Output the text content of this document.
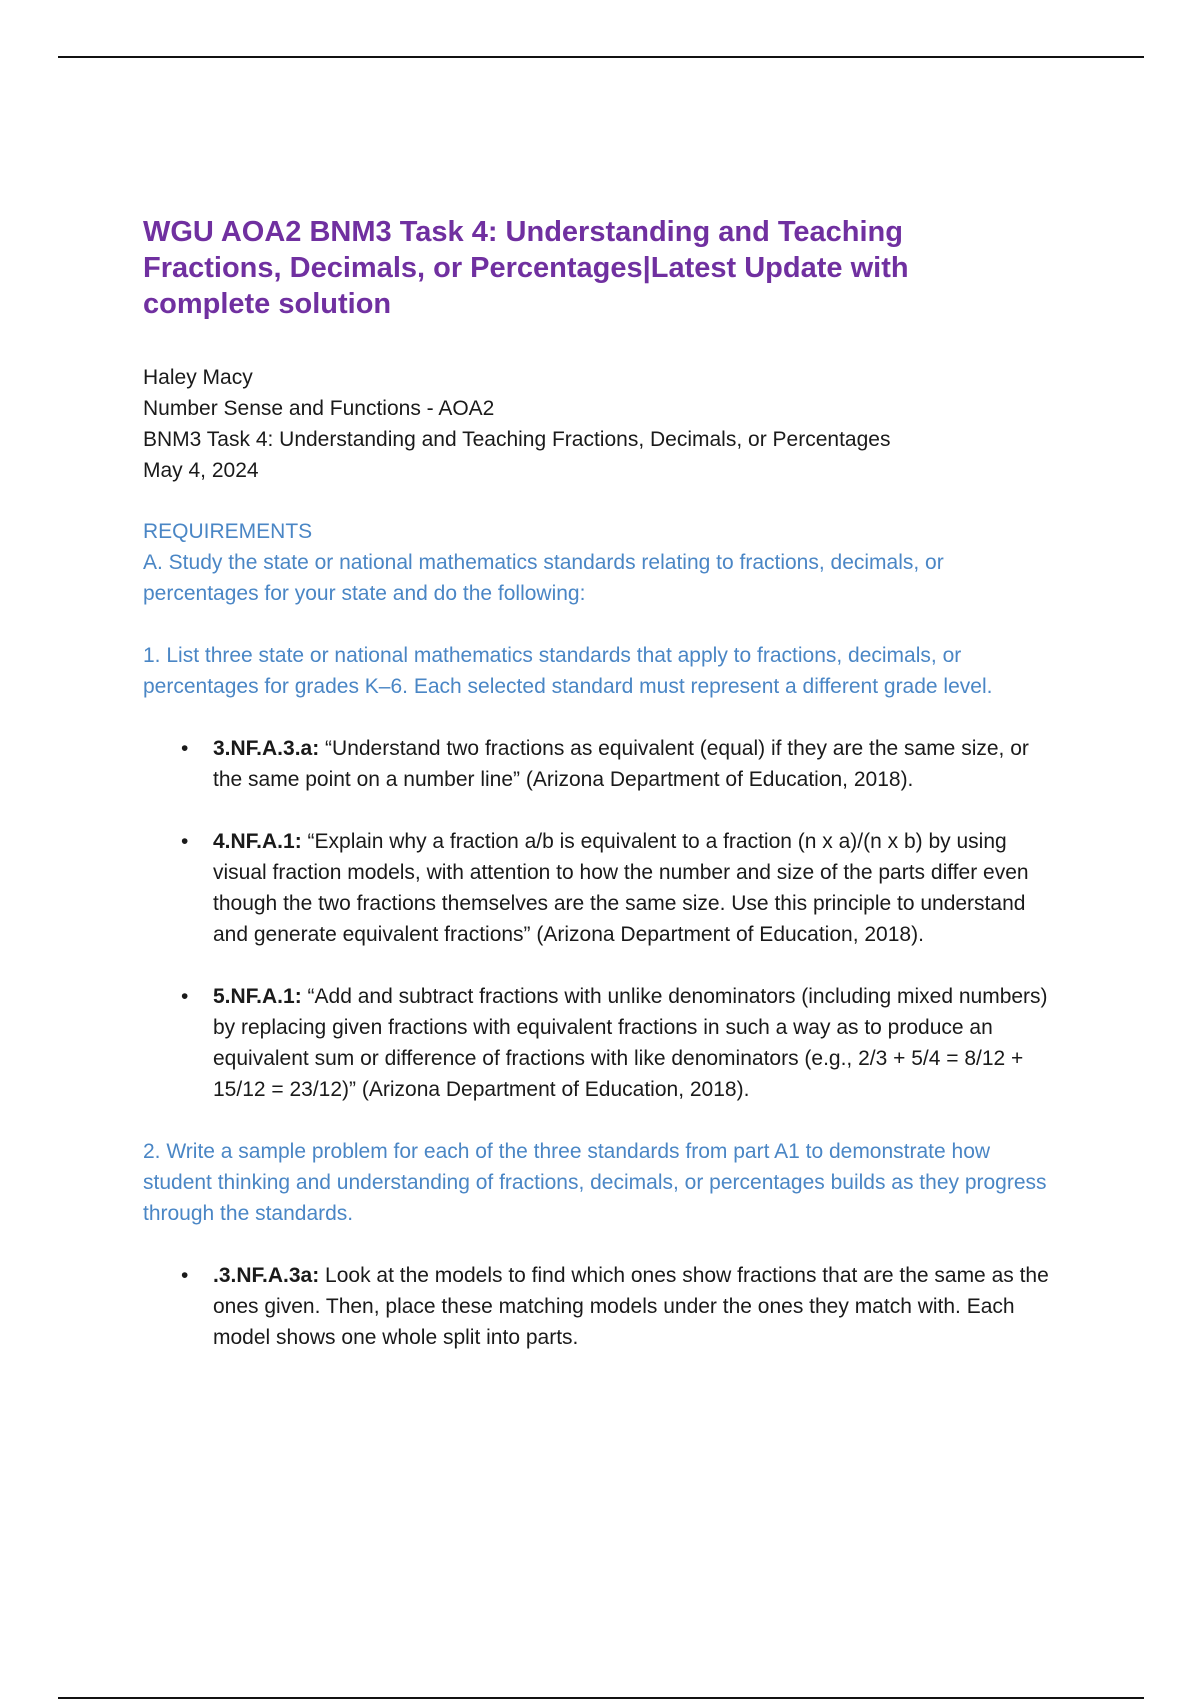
WGU AOA2 BNM3 Task 4: Understanding and Teaching Fractions, Decimals, or Percentages|Latest Update with complete solution
Haley Macy
Number Sense and Functions - AOA2
BNM3 Task 4: Understanding and Teaching Fractions, Decimals, or Percentages
May 4, 2024
REQUIREMENTS
A. Study the state or national mathematics standards relating to fractions, decimals, or percentages for your state and do the following:
1. List three state or national mathematics standards that apply to fractions, decimals, or percentages for grades K–6. Each selected standard must represent a different grade level.
• 3.NF.A.3.a: “Understand two fractions as equivalent (equal) if they are the same size, or the same point on a number line” (Arizona Department of Education, 2018).
• 4.NF.A.1: “Explain why a fraction a/b is equivalent to a fraction (n x a)/(n x b) by using visual fraction models, with attention to how the number and size of the parts differ even though the two fractions themselves are the same size. Use this principle to understand and generate equivalent fractions” (Arizona Department of Education, 2018).
• 5.NF.A.1: “Add and subtract fractions with unlike denominators (including mixed numbers) by replacing given fractions with equivalent fractions in such a way as to produce an equivalent sum or difference of fractions with like denominators (e.g., 2/3 + 5/4 = 8/12 + 15/12 = 23/12)” (Arizona Department of Education, 2018).
2. Write a sample problem for each of the three standards from part A1 to demonstrate how student thinking and understanding of fractions, decimals, or percentages builds as they progress through the standards.
• .3.NF.A.3a: Look at the models to find which ones show fractions that are the same as the ones given. Then, place these matching models under the ones they match with. Each model shows one whole split into parts.
